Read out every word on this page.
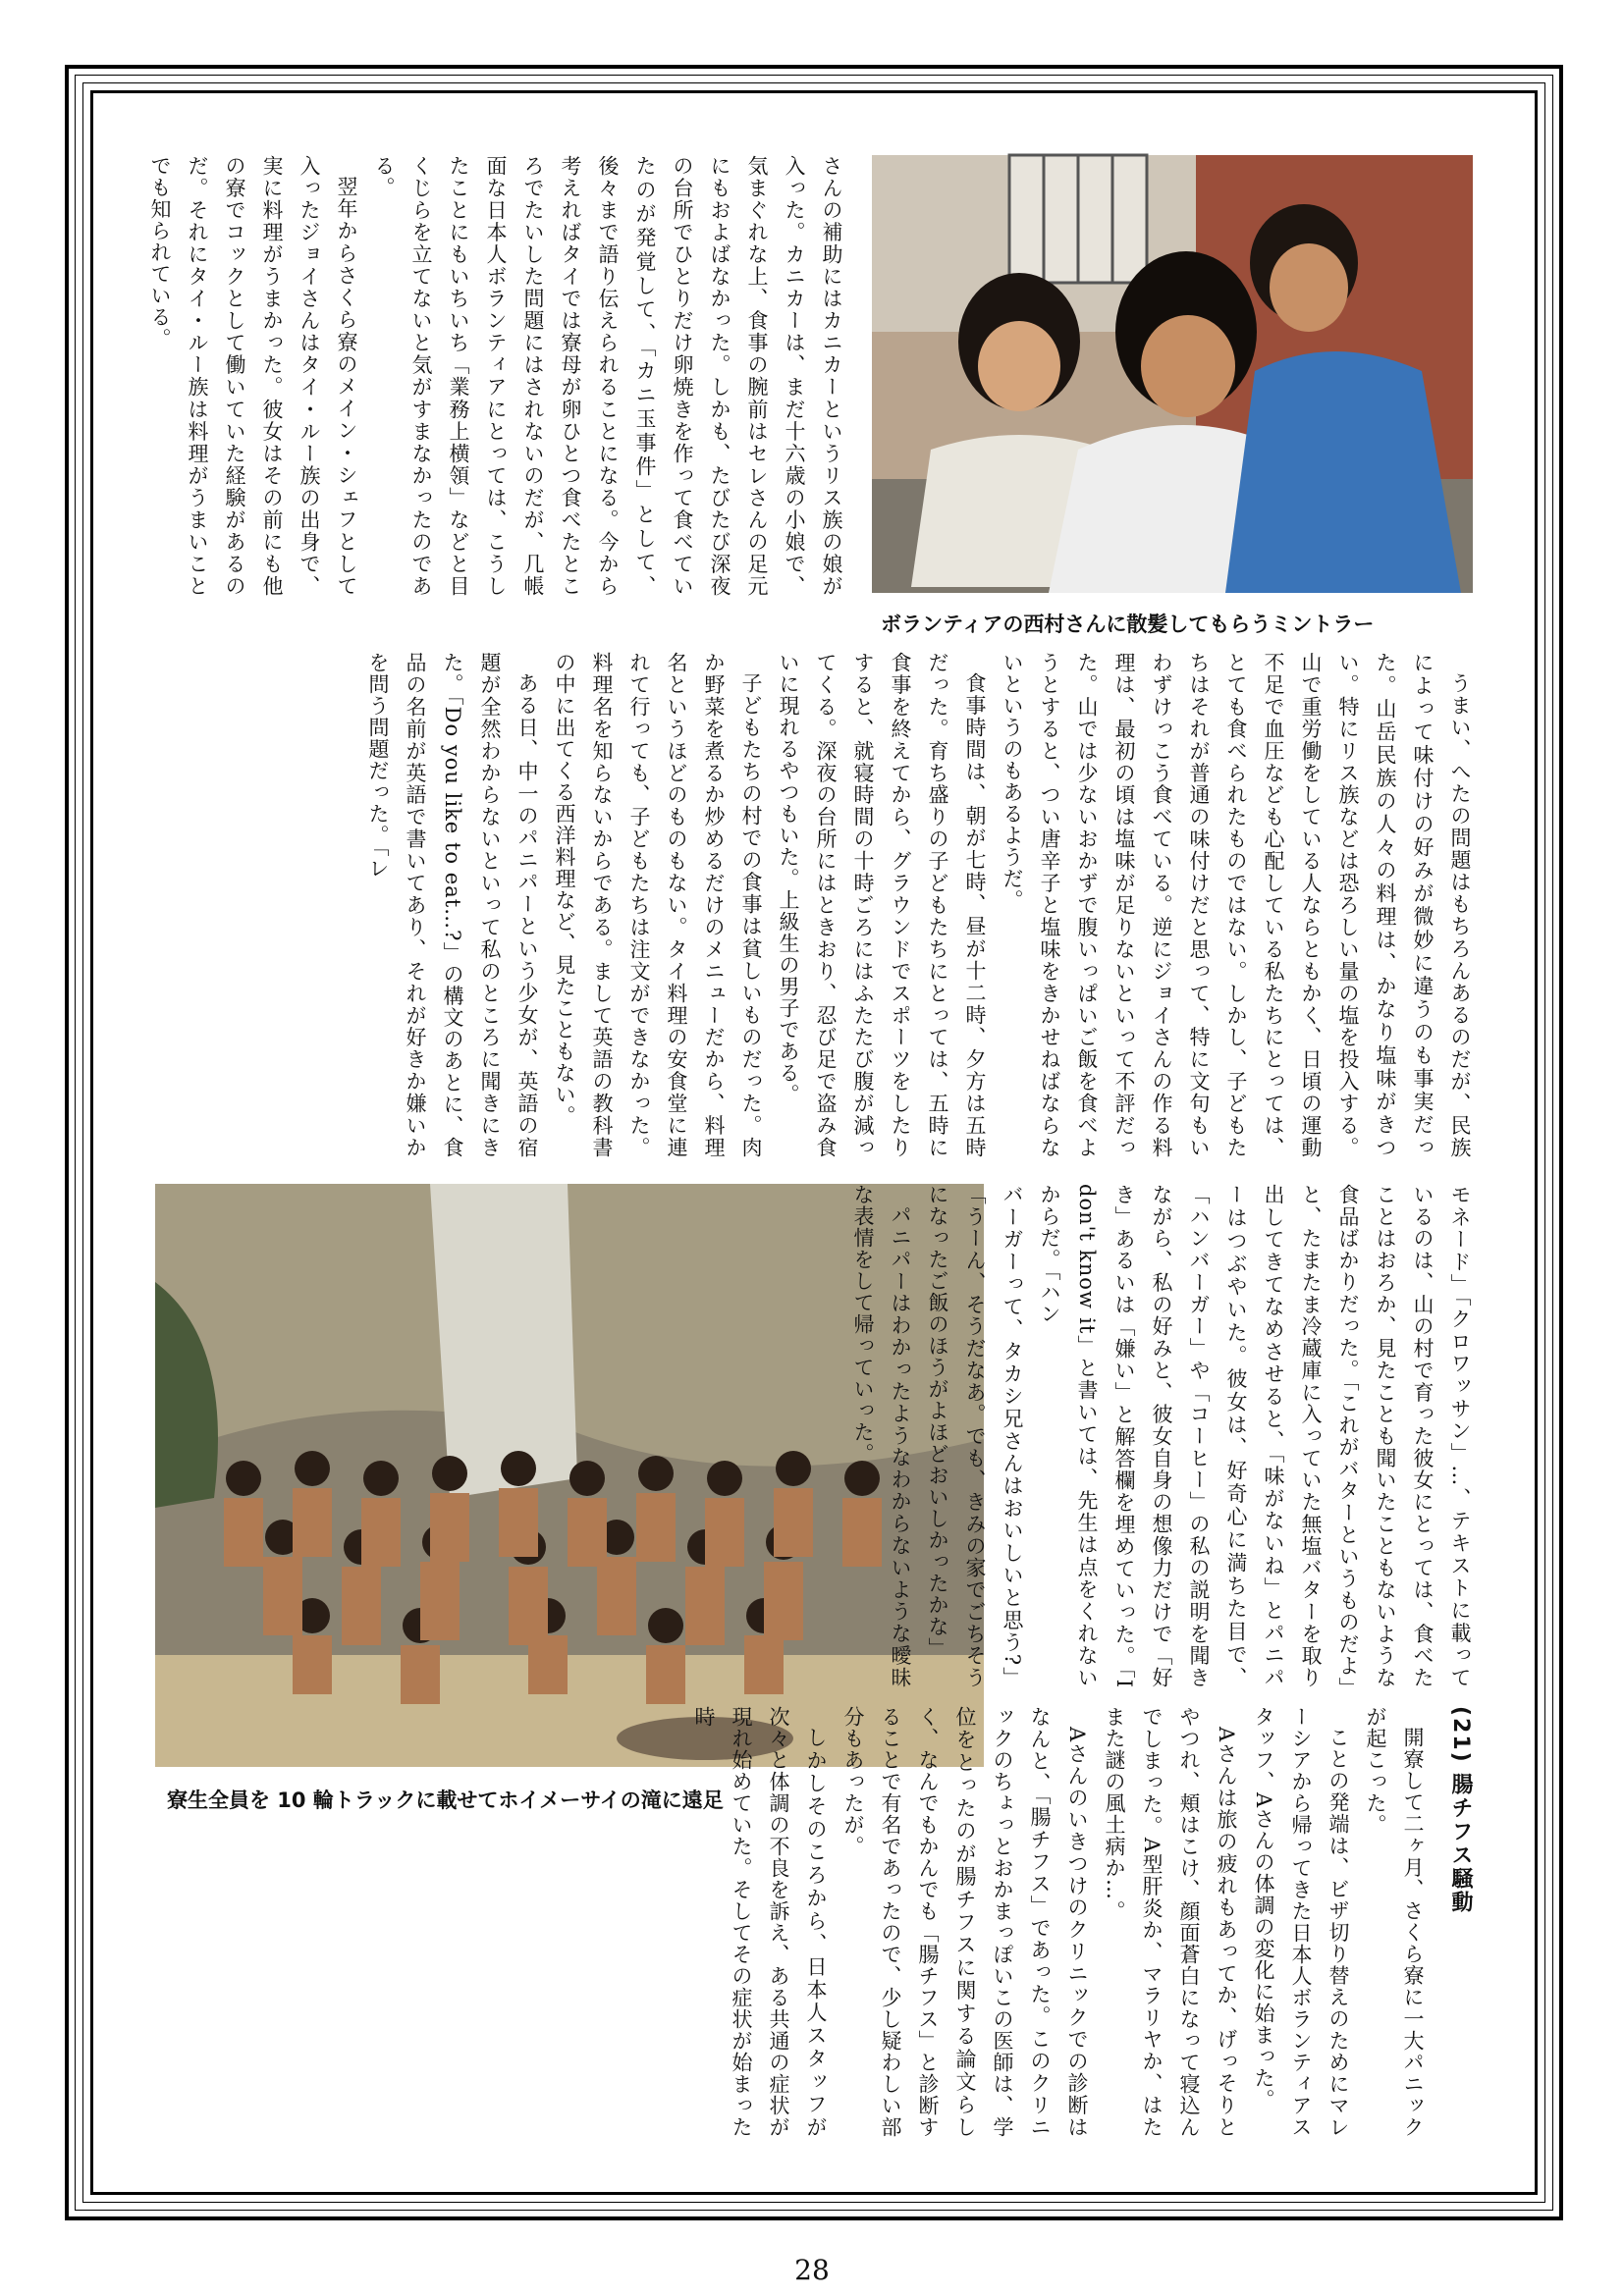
ボランティアの西村さんに散髪してもらうミントラー

さんの補助にはカニカーというリス族の娘が入った。カニカーは、まだ十六歳の小娘で、気まぐれな上、食事の腕前はセレさんの足元にもおよばなかった。しかも、たびたび深夜の台所でひとりだけ卵焼きを作って食べていたのが発覚して、「カニ玉事件」として、後々まで語り伝えられることになる。今から考えればタイでは寮母が卵ひとつ食べたところでたいした問題にはされないのだが、几帳面な日本人ボランティアにとっては、こうしたことにもいちいち「業務上横領」などと目くじらを立てないと気がすまなかったのである。

翌年からさくら寮のメイン・シェフとして入ったジョイさんはタイ・ルー族の出身で、実に料理がうまかった。彼女はその前にも他の寮でコックとして働いていた経験があるのだ。それにタイ・ルー族は料理がうまいことでも知られている。

うまい、へたの問題はもちろんあるのだが、民族によって味付けの好みが微妙に違うのも事実だった。山岳民族の人々の料理は、かなり塩味がきつい。特にリス族などは恐ろしい量の塩を投入する。山で重労働をしている人ならともかく、日頃の運動不足で血圧なども心配している私たちにとっては、とても食べられたものではない。しかし、子どもたちはそれが普通の味付けだと思って、特に文句もいわずけっこう食べている。逆にジョイさんの作る料理は、最初の頃は塩味が足りないといって不評だった。山では少ないおかずで腹いっぱいご飯を食べようとすると、つい唐辛子と塩味をきかせねばならないというのもあるようだ。

食事時間は、朝が七時、昼が十二時、夕方は五時だった。育ち盛りの子どもたちにとっては、五時に食事を終えてから、グラウンドでスポーツをしたりすると、就寝時間の十時ごろにはふたたび腹が減ってくる。深夜の台所にはときおり、忍び足で盗み食いに現れるやつもいた。上級生の男子である。

子どもたちの村での食事は貧しいものだった。肉か野菜を煮るか炒めるだけのメニューだから、料理名というほどのものもない。タイ料理の安食堂に連れて行っても、子どもたちは注文ができなかった。料理名を知らないからである。まして英語の教科書の中に出てくる西洋料理など、見たこともない。

ある日、中一のパニパーという少女が、英語の宿題が全然わからないといって私のところに聞きにきた。「Do you like to eat…?」の構文のあとに、食品の名前が英語で書いてあり、それが好きか嫌いかを問う問題だった。「レ

寮生全員を 10 輪トラックに載せてホイメーサイの滝に遠足

モネード」「クロワッサン」…、テキストに載っているのは、山の村で育った彼女にとっては、食べたことはおろか、見たことも聞いたこともないような食品ばかりだった。「これがバターというものだよ」と、たまたま冷蔵庫に入っていた無塩バターを取り出してきてなめさせると、「味がないね」とパニパーはつぶやいた。彼女は、好奇心に満ちた目で、「ハンバーガー」や「コーヒー」の私の説明を聞きながら、私の好みと、彼女自身の想像力だけで「好き」あるいは「嫌い」と解答欄を埋めていった。「I don't know it」と書いては、先生は点をくれないからだ。「ハン

バーガーって、タカシ兄さんはおいしいと思う?」「うーん、そうだなあ。でも、きみの家でごちそうになったご飯のほうがよほどおいしかったかな」

パニパーはわかったようなわからないような曖昧な表情をして帰っていった。

(21) 腸チフス騒動

開寮して二ヶ月、さくら寮に一大パニックが起こった。

ことの発端は、ビザ切り替えのためにマレーシアから帰ってきた日本人ボランティアスタッフ、Aさんの体調の変化に始まった。

Aさんは旅の疲れもあってか、げっそりとやつれ、頬はこけ、顔面蒼白になって寝込んでしまった。A型肝炎か、マラリヤか、はたまた謎の風土病か…。

Aさんのいきつけのクリニックでの診断はなんと、「腸チフス」であった。このクリニックのちょっとおかまっぽいこの医師は、学位をとったのが腸チフスに関する論文らしく、なんでもかんでも「腸チフス」と診断することで有名であったので、少し疑わしい部分もあったが。

しかしそのころから、日本人スタッフが次々と体調の不良を訴え、ある共通の症状が現れ始めていた。そしてその症状が始まった時

28
